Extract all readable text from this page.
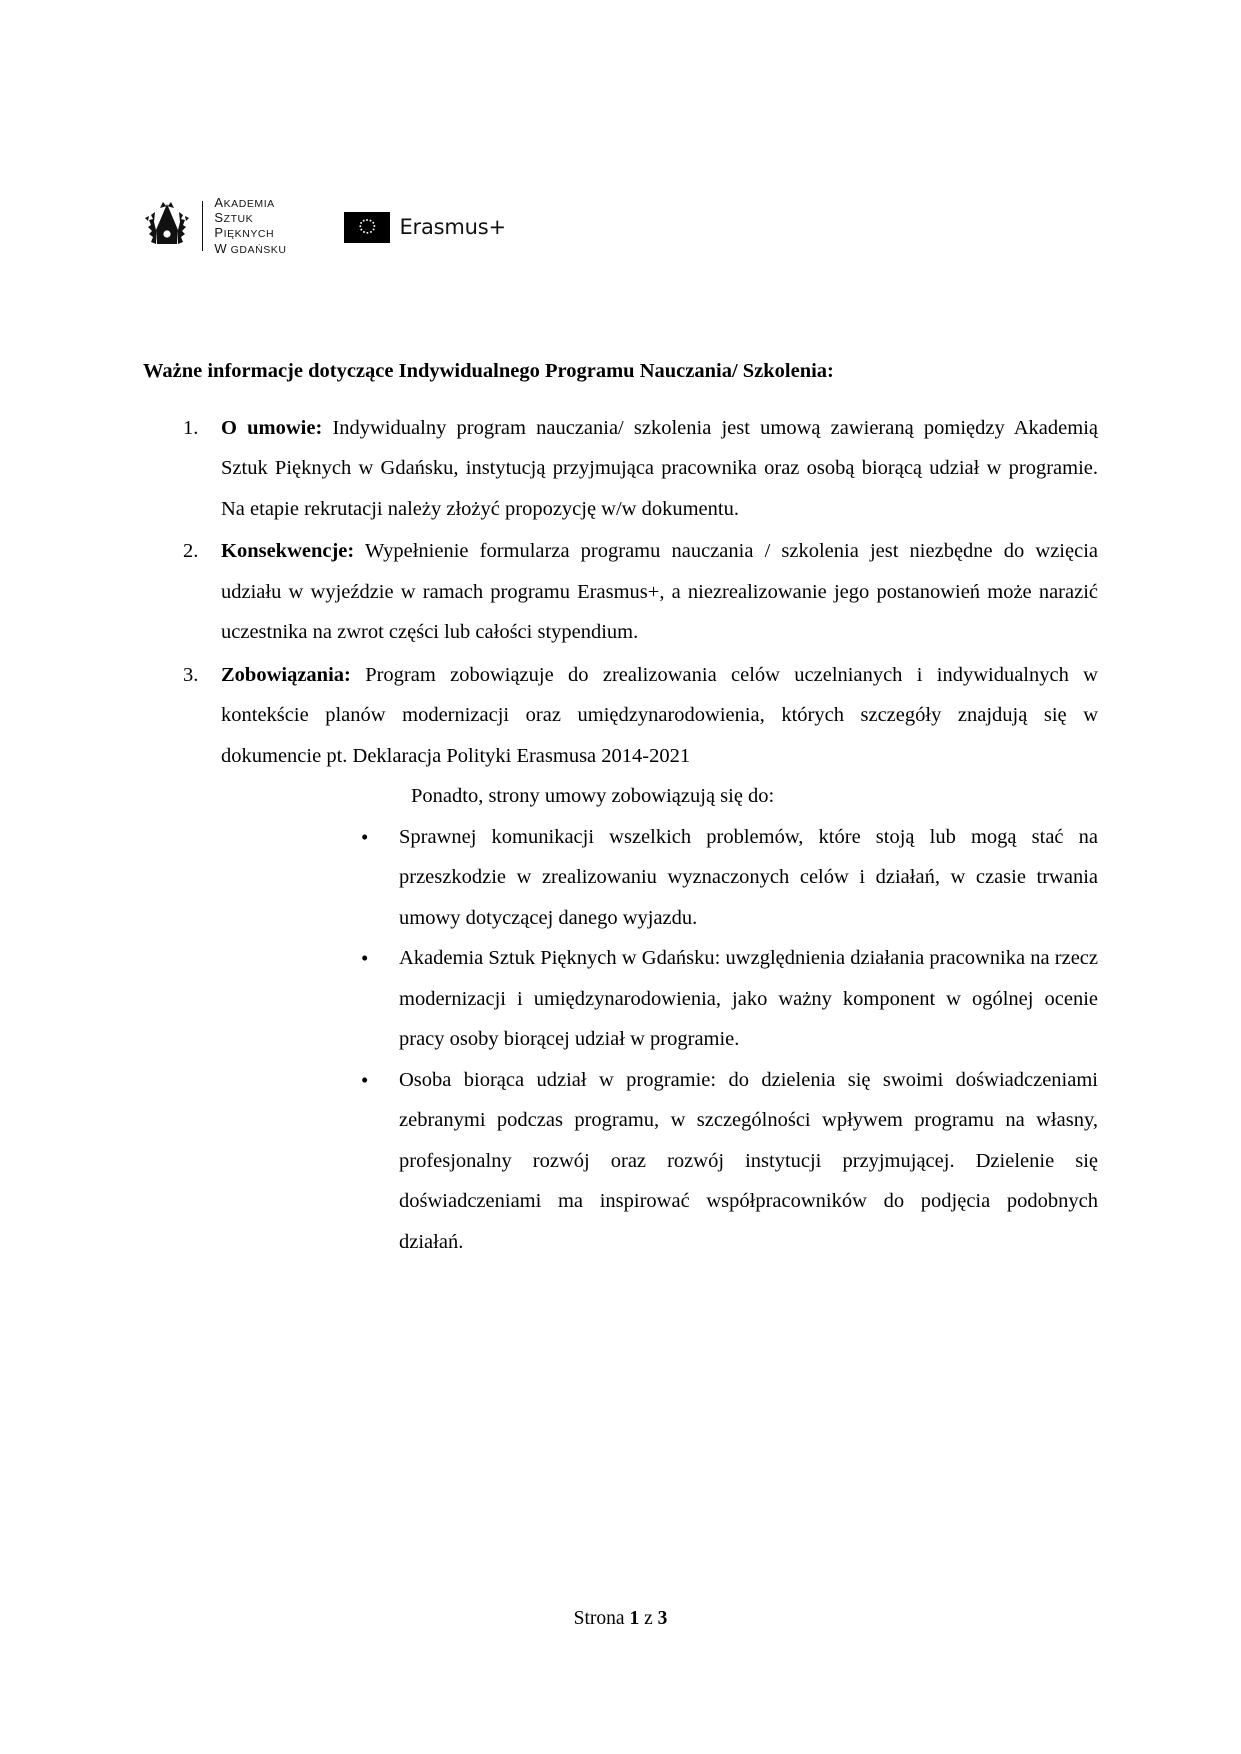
AKADEMIA
SZTUK
PIĘKNYCH
W GDAŃSKU
Erasmus+
Ważne informacje dotyczące Indywidualnego Programu Nauczania/ Szkolenia:

O umowie: Indywidualny program nauczania/ szkolenia jest umową zawieraną pomiędzy Akademią Sztuk Pięknych w Gdańsku, instytucją przyjmująca pracownika oraz osobą biorącą udział w programie. Na etapie rekrutacji należy złożyć propozycję w/w dokumentu.

Konsekwencje: Wypełnienie formularza programu nauczania / szkolenia jest niezbędne do wzięcia udziału w wyjeździe w ramach programu Erasmus+, a niezrealizowanie jego postanowień może narazić uczestnika na zwrot części lub całości stypendium.

Zobowiązania: Program zobowiązuje do zrealizowania celów uczelnianych i indywidualnych w kontekście planów modernizacji oraz umiędzynarodowienia, których szczegóły znajdują się w dokumencie pt. Deklaracja Polityki Erasmusa 2014-2021

Ponadto, strony umowy zobowiązują się do:

• Sprawnej komunikacji wszelkich problemów, które stoją lub mogą stać na przeszkodzie w zrealizowaniu wyznaczonych celów i działań, w czasie trwania umowy dotyczącej danego wyjazdu.

• Akademia Sztuk Pięknych w Gdańsku: uwzględnienia działania pracownika na rzecz modernizacji i umiędzynarodowienia, jako ważny komponent w ogólnej ocenie pracy osoby biorącej udział w programie.

• Osoba biorąca udział w programie: do dzielenia się swoimi doświadczeniami zebranymi podczas programu, w szczególności wpływem programu na własny, profesjonalny rozwój oraz rozwój instytucji przyjmującej. Dzielenie się doświadczeniami ma inspirować współpracowników do podjęcia podobnych działań.

Strona 1 z 3
